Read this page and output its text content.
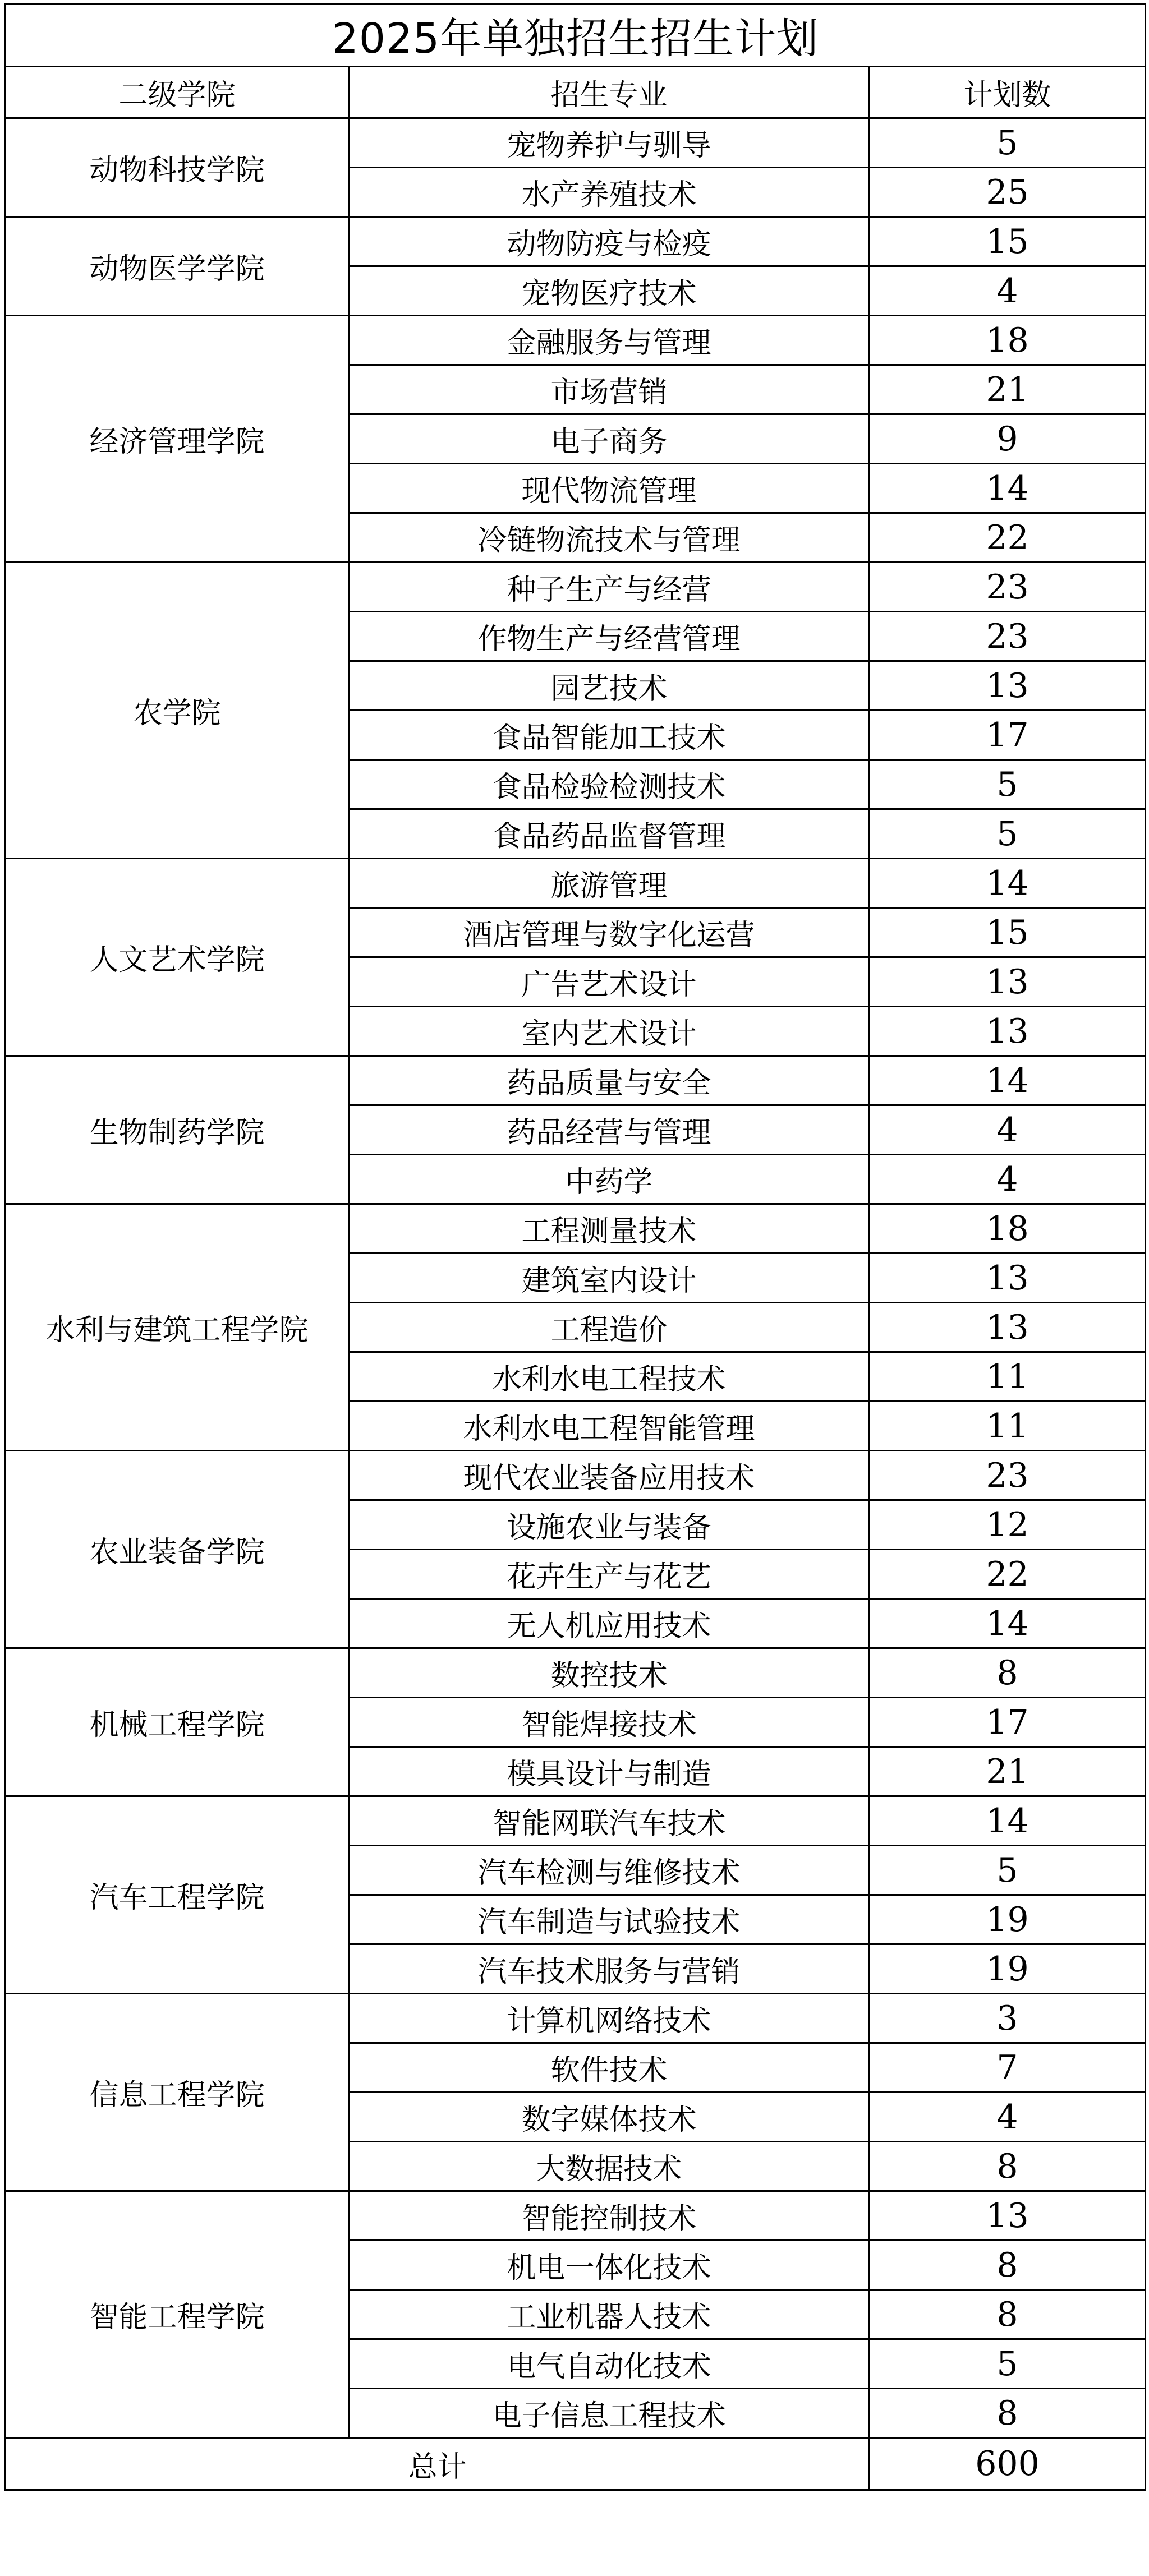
2025年单独招生招生计划		
二级学院	招生专业	计划数
动物科技学院	宠物养护与驯导	5
	水产养殖技术	25
动物医学学院	动物防疫与检疫	15
	宠物医疗技术	4
经济管理学院	金融服务与管理	18
	市场营销	21
	电子商务	9
	现代物流管理	14
	冷链物流技术与管理	22
农学院	种子生产与经营	23
	作物生产与经营管理	23
	园艺技术	13
	食品智能加工技术	17
	食品检验检测技术	5
	食品药品监督管理	5
人文艺术学院	旅游管理	14
	酒店管理与数字化运营	15
	广告艺术设计	13
	室内艺术设计	13
生物制药学院	药品质量与安全	14
	药品经营与管理	4
	中药学	4
水利与建筑工程学院	工程测量技术	18
	建筑室内设计	13
	工程造价	13
	水利水电工程技术	11
	水利水电工程智能管理	11
农业装备学院	现代农业装备应用技术	23
	设施农业与装备	12
	花卉生产与花艺	22
	无人机应用技术	14
机械工程学院	数控技术	8
	智能焊接技术	17
	模具设计与制造	21
汽车工程学院	智能网联汽车技术	14
	汽车检测与维修技术	5
	汽车制造与试验技术	19
	汽车技术服务与营销	19
信息工程学院	计算机网络技术	3
	软件技术	7
	数字媒体技术	4
	大数据技术	8
智能工程学院	智能控制技术	13
	机电一体化技术	8
	工业机器人技术	8
	电气自动化技术	5
	电子信息工程技术	8
总计		600
